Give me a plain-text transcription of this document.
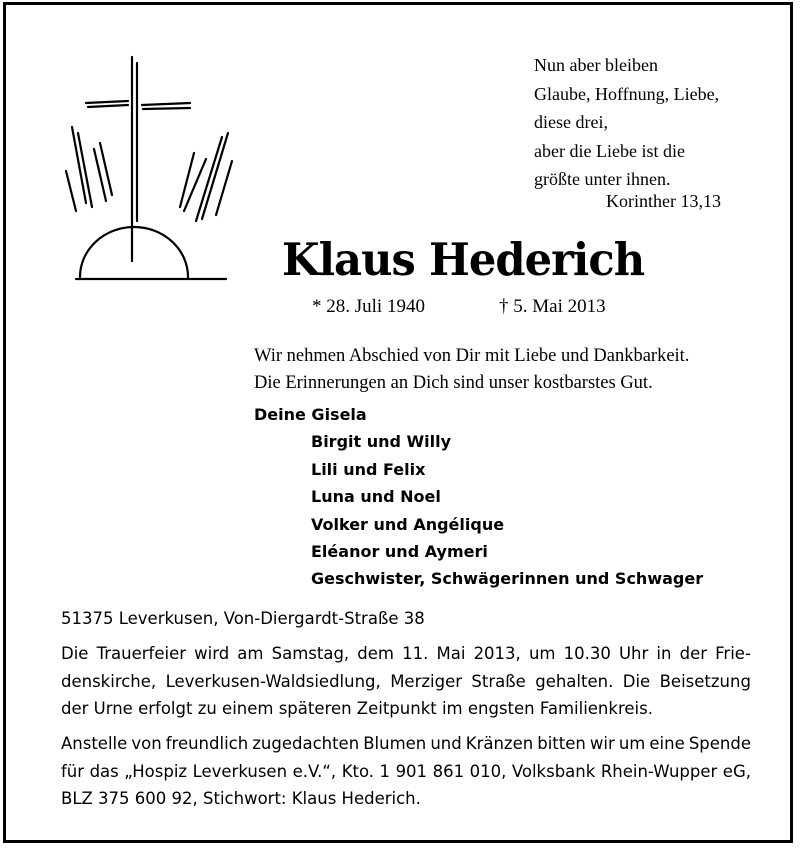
Nun aber bleiben
Glaube, Hoffnung, Liebe,
diese drei,
aber die Liebe ist die
größte unter ihnen.
Korinther 13,13
Klaus Hederich
* 28. Juli 1940	† 5. Mai 2013
Wir nehmen Abschied von Dir mit Liebe und Dankbarkeit.
Die Erinnerungen an Dich sind unser kostbarstes Gut.
Deine Gisela
Birgit und Willy
Lili und Felix
Luna und Noel
Volker und Angélique
Eléanor und Aymeri
Geschwister, Schwägerinnen und Schwager
51375 Leverkusen, Von-Diergardt-Straße 38
Die Trauerfeier wird am Samstag, dem 11. Mai 2013, um 10.30 Uhr in der Frie-
denskirche, Leverkusen-Waldsiedlung, Merziger Straße gehalten. Die Beisetzung
der Urne erfolgt zu einem späteren Zeitpunkt im engsten Familienkreis.
Anstelle von freundlich zugedachten Blumen und Kränzen bitten wir um eine Spende
für das „Hospiz Leverkusen e.V.“, Kto. 1 901 861 010, Volksbank Rhein-Wupper eG,
BLZ 375 600 92, Stichwort: Klaus Hederich.
